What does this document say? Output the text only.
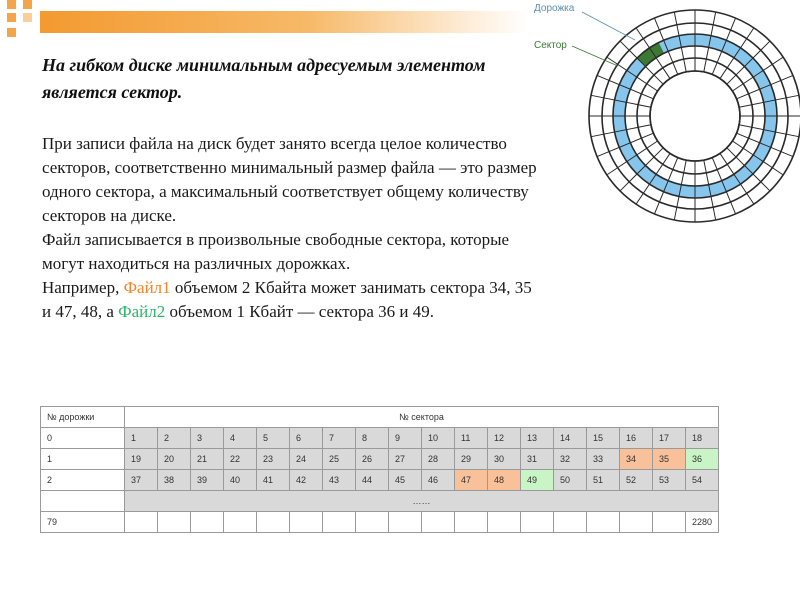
На гибком диске минимальным адресуемым элементом является сектор.
При записи файла на диск будет занято всегда целое количество секторов, соответственно минимальный размер файла — это размер одного сектора, а максимальный соответствует общему количеству секторов на диске.
Файл записывается в произвольные свободные сектора, которые могут находиться на различных дорожках.
Например, Файл1 объемом 2 Кбайта может занимать сектора 34, 35 и 47, 48, а Файл2 объемом 1 Кбайт — сектора 36 и 49.
Дорожка
Сектор
№ дорожки	№ сектора																	
0	1	2	3	4	5	6	7	8	9	10	11	12	13	14	15	16	17	18
1	19	20	21	22	23	24	25	26	27	28	29	30	31	32	33	34	35	36
2	37	38	39	40	41	42	43	44	45	46	47	48	49	50	51	52	53	54
	……																	
79																		2280
